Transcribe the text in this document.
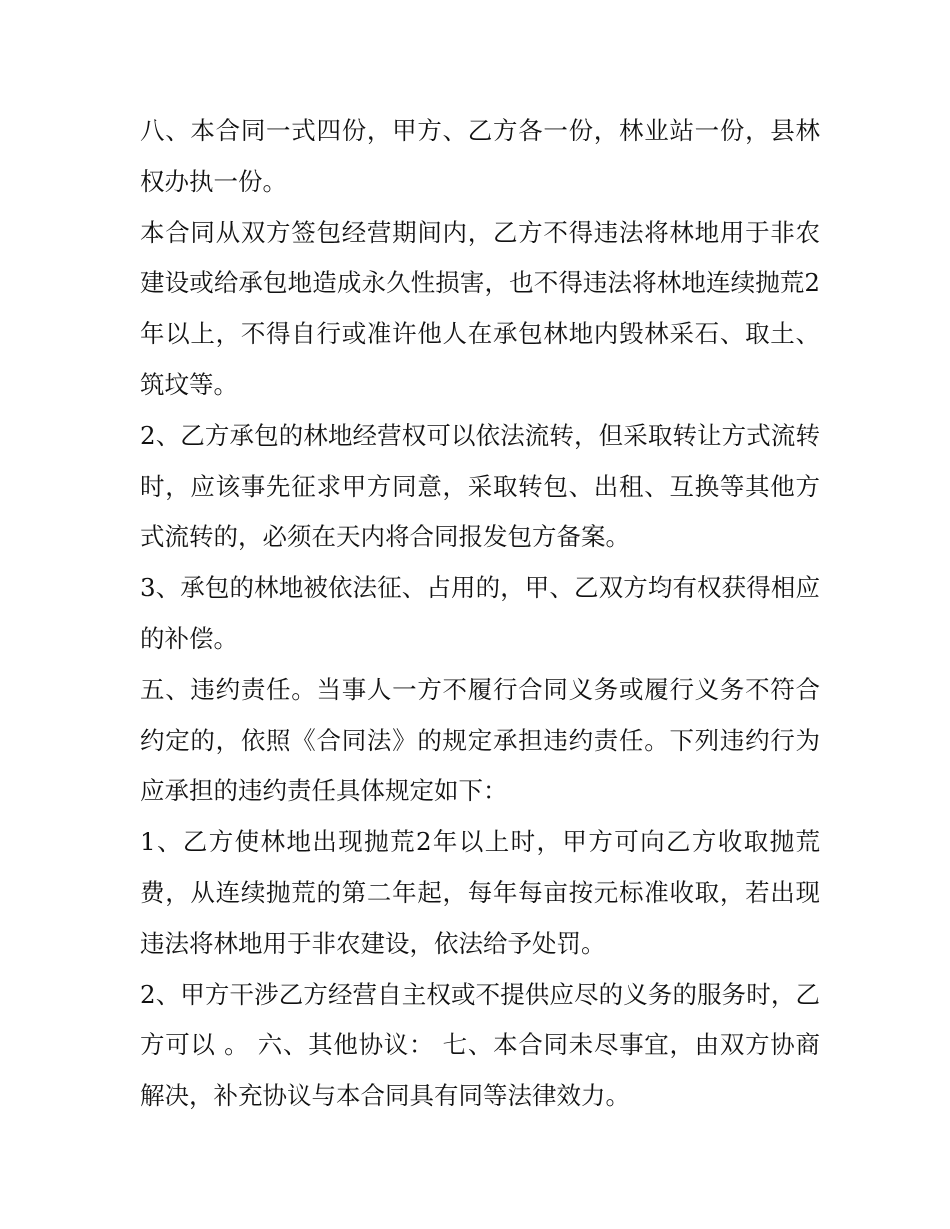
八、本合同一式四份，甲方、乙方各一份，林业站一份，县林权办执一份。

本合同从双方签包经营期间内，乙方不得违法将林地用于非农建设或给承包地造成永久性损害，也不得违法将林地连续抛荒2年以上，不得自行或准许他人在承包林地内毁林采石、取土、筑坟等。

2、乙方承包的林地经营权可以依法流转，但采取转让方式流转时，应该事先征求甲方同意，采取转包、出租、互换等其他方式流转的，必须在天内将合同报发包方备案。

3、承包的林地被依法征、占用的，甲、乙双方均有权获得相应的补偿。

五、违约责任。当事人一方不履行合同义务或履行义务不符合约定的，依照《合同法》的规定承担违约责任。下列违约行为应承担的违约责任具体规定如下：

1、乙方使林地出现抛荒2年以上时，甲方可向乙方收取抛荒费，从连续抛荒的第二年起，每年每亩按元标准收取，若出现违法将林地用于非农建设，依法给予处罚。

2、甲方干涉乙方经营自主权或不提供应尽的义务的服务时，乙方可以 。 六、其他协议： 七、本合同未尽事宜，由双方协商解决，补充协议与本合同具有同等法律效力。
